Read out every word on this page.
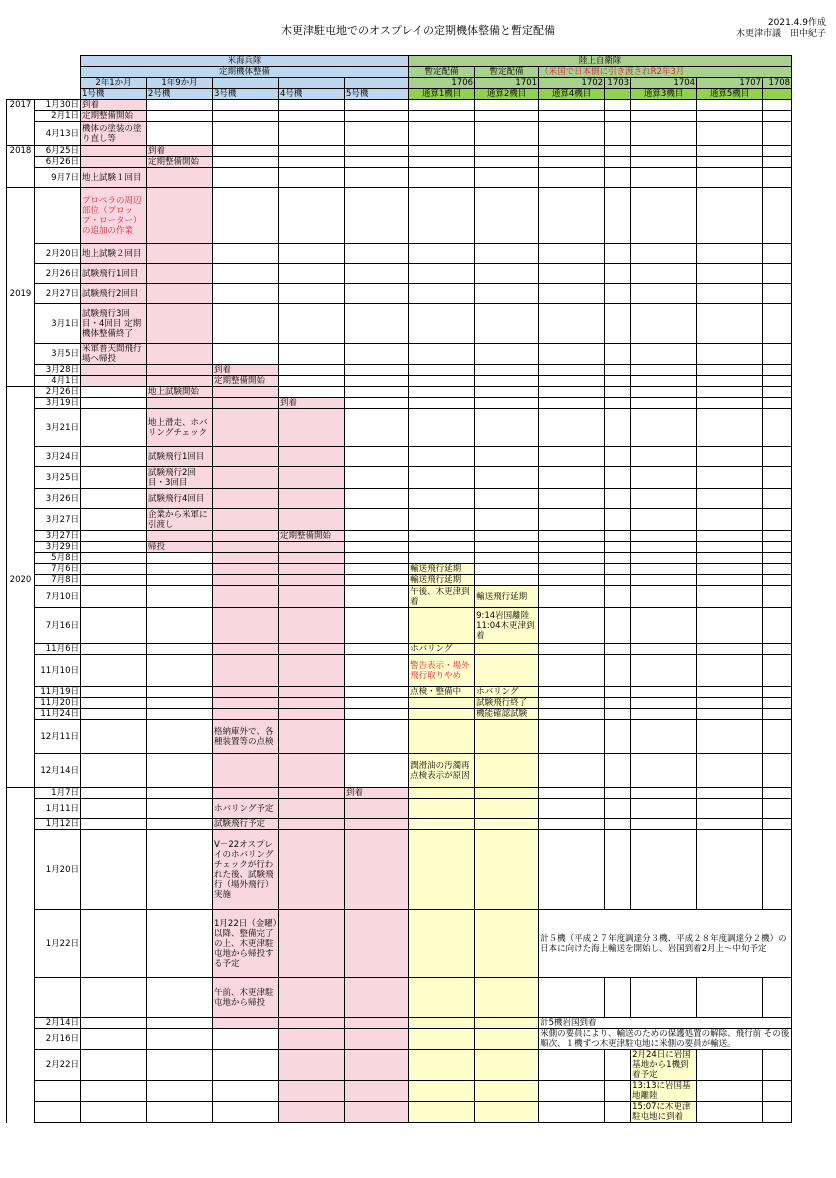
木更津駐屯地でのオスプレイの定期機体整備と暫定配備
2021.4.9作成
木更津市議　田中紀子
		米海兵隊					陸上自衛隊						
		定期機体整備					暫定配備	暫定配備	（米国で日本側に引き渡されR2年3月				
		2年1か月	1年9か月				1706	1701	1702	1703	1704	1707	1708
		1号機	2号機	3号機	4号機	5号機	通算1機目	通算2機目	通算4機目		通算3機目	通算5機目	
2017	1月30日	到着											
	2月1日	定期整備開始											
	4月13日	機体の塗装の塗り直し等											
2018	6月25日		到着										
	6月26日		定期整備開始										
	9月7日	地上試験１回目											
		プロペラの周辺部位（プロップ・ローター）の追加の作業											
	2月20日	地上試験２回目											
	2月26日	試験飛行1回目											
2019	2月27日	試験飛行2回目											
	3月1日	試験飛行3回目・4回目 定期機体整備終了											
	3月5日	米軍普天間飛行場へ帰投											
	3月28日			到着									
	4月1日			定期整備開始									
	2月26日		地上試験開始										
	3月19日				到着								
	3月21日		地上滑走、ホバリングチェック										
	3月24日		試験飛行1回目										
	3月25日		試験飛行2回目・3回目										
	3月26日		試験飛行4回目										
	3月27日		企業から米軍に引渡し										
	3月27日				定期整備開始								
	3月29日		帰投										
	5月8日												
	7月6日						輸送飛行延期						
2020	7月8日						輸送飛行延期						
	7月10日						午後、木更津到着	輸送飛行延期					
	7月16日							9:14岩国離陸 11:04木更津到着					
	11月6日						ホバリング						
	11月10日						警告表示・場外飛行取りやめ						
	11月19日						点検・整備中	ホバリング					
	11月20日							試験飛行終了					
	11月24日							機能確認試験					
	12月11日			格納庫外で、各種装置等の点検									
	12月14日						潤滑油の汚濁再点検表示が原因						
	1月7日					到着							
	1月11日			ホバリング予定									
	1月12日			試験飛行予定									
	1月20日			V－22オスプレイのホバリングチェックが行われた後、試験飛行（場外飛行）実施									
	1月22日			1月22日（金曜）以降、整備完了の上、木更津駐屯地から帰投する予定					計５機（平成２７年度調達分３機、平成２８年度調達分２機）の日本に向けた海上輸送を開始し、岩国到着2月上～中旬予定				
				午前、木更津駐屯地から帰投									
	2月14日								計5機岩国到着				
	2月16日								米側の要員により、輸送のための保護処置の解除、飛行前 その後順次、１機ずつ木更津駐屯地に米側の要員が輸送。				
	2月22日										2月24日に岩国基地から1機到着予定		
											13:13に岩国基地離陸		
											15:07に木更津駐屯地に到着		
